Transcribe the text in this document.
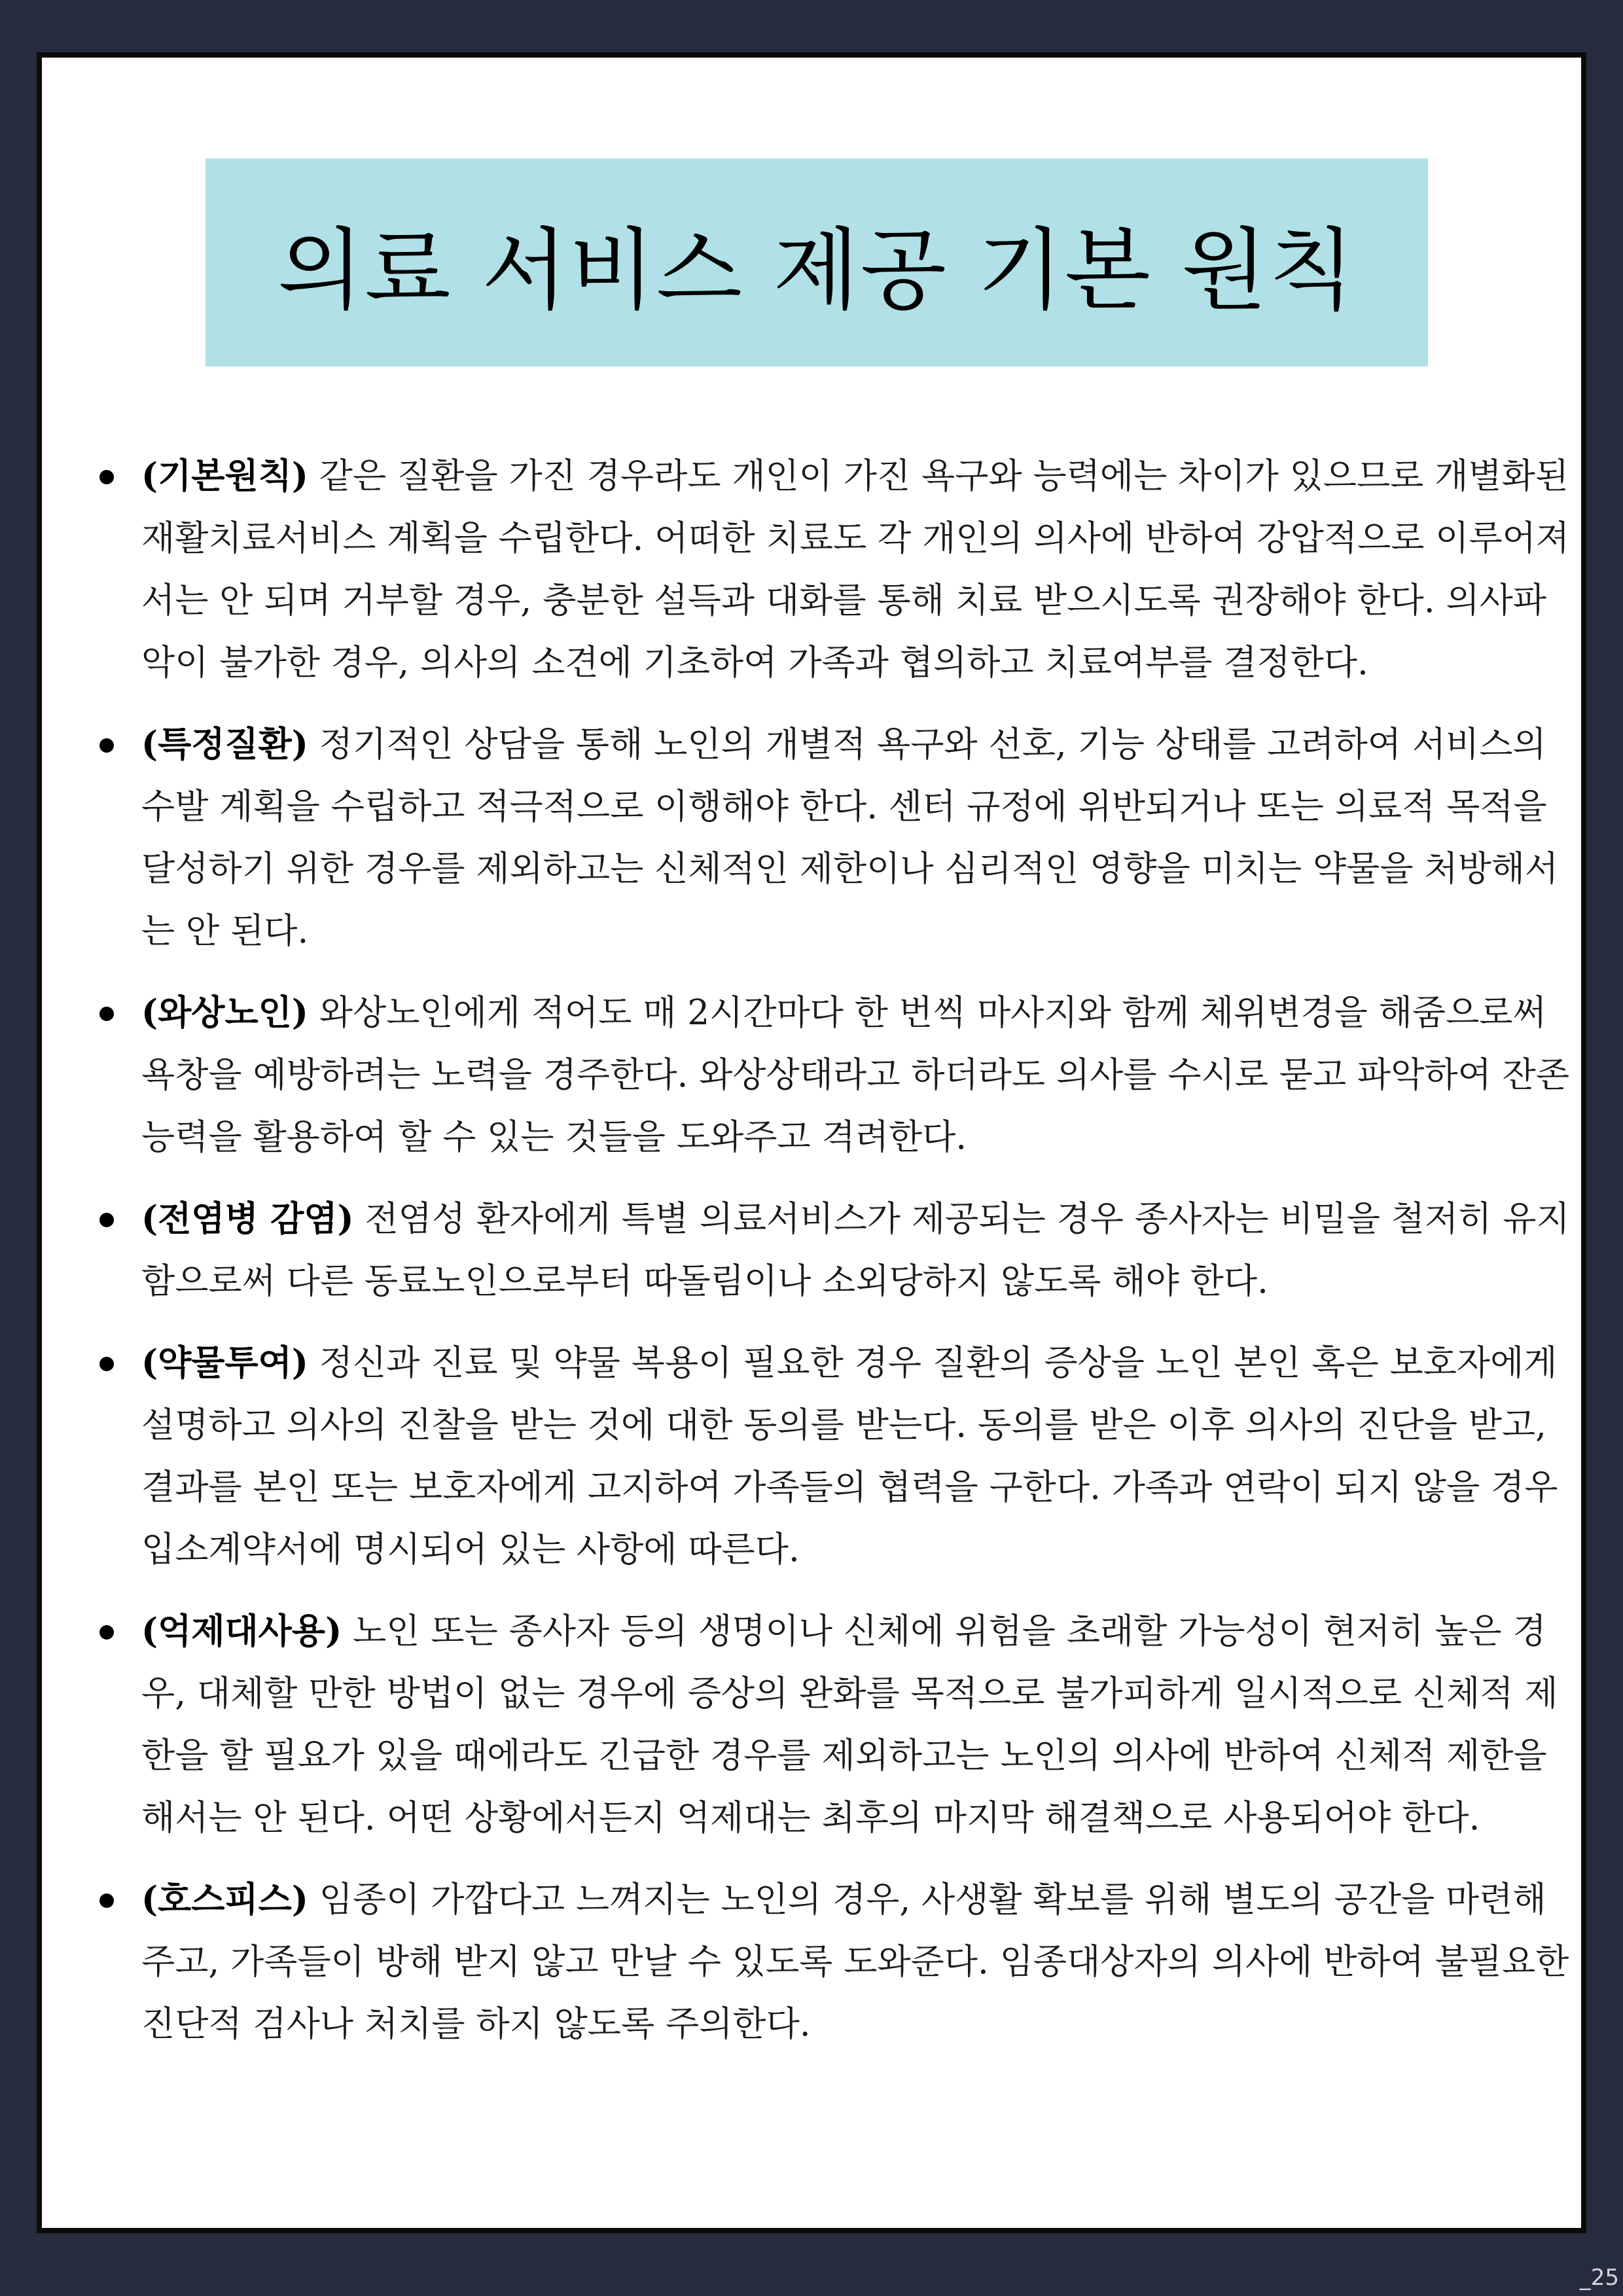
의료 서비스 제공 기본 원칙
(기본원칙) 같은 질환을 가진 경우라도 개인이 가진 욕구와 능력에는 차이가 있으므로 개별화된 재활치료서비스 계획을 수립한다. 어떠한 치료도 각 개인의 의사에 반하여 강압적으로 이루어져서는 안 되며 거부할 경우, 충분한 설득과 대화를 통해 치료 받으시도록 권장해야 한다. 의사파악이 불가한 경우, 의사의 소견에 기초하여 가족과 협의하고 치료여부를 결정한다.
(특정질환) 정기적인 상담을 통해 노인의 개별적 욕구와 선호, 기능 상태를 고려하여 서비스의 수발 계획을 수립하고 적극적으로 이행해야 한다. 센터 규정에 위반되거나 또는 의료적 목적을 달성하기 위한 경우를 제외하고는 신체적인 제한이나 심리적인 영향을 미치는 약물을 처방해서는 안 된다.
(와상노인) 와상노인에게 적어도 매 2시간마다 한 번씩 마사지와 함께 체위변경을 해줌으로써 욕창을 예방하려는 노력을 경주한다. 와상상태라고 하더라도 의사를 수시로 묻고 파악하여 잔존능력을 활용하여 할 수 있는 것들을 도와주고 격려한다.
(전염병 감염) 전염성 환자에게 특별 의료서비스가 제공되는 경우 종사자는 비밀을 철저히 유지함으로써 다른 동료노인으로부터 따돌림이나 소외당하지 않도록 해야 한다.
(약물투여) 정신과 진료 및 약물 복용이 필요한 경우 질환의 증상을 노인 본인 혹은 보호자에게 설명하고 의사의 진찰을 받는 것에 대한 동의를 받는다. 동의를 받은 이후 의사의 진단을 받고, 결과를 본인 또는 보호자에게 고지하여 가족들의 협력을 구한다. 가족과 연락이 되지 않을 경우 입소계약서에 명시되어 있는 사항에 따른다.
(억제대사용) 노인 또는 종사자 등의 생명이나 신체에 위험을 초래할 가능성이 현저히 높은 경우, 대체할 만한 방법이 없는 경우에 증상의 완화를 목적으로 불가피하게 일시적으로 신체적 제한을 할 필요가 있을 때에라도 긴급한 경우를 제외하고는 노인의 의사에 반하여 신체적 제한을 해서는 안 된다. 어떤 상황에서든지 억제대는 최후의 마지막 해결책으로 사용되어야 한다.
(호스피스) 임종이 가깝다고 느껴지는 노인의 경우, 사생활 확보를 위해 별도의 공간을 마련해주고, 가족들이 방해 받지 않고 만날 수 있도록 도와준다. 임종대상자의 의사에 반하여 불필요한 진단적 검사나 처치를 하지 않도록 주의한다.
_25
